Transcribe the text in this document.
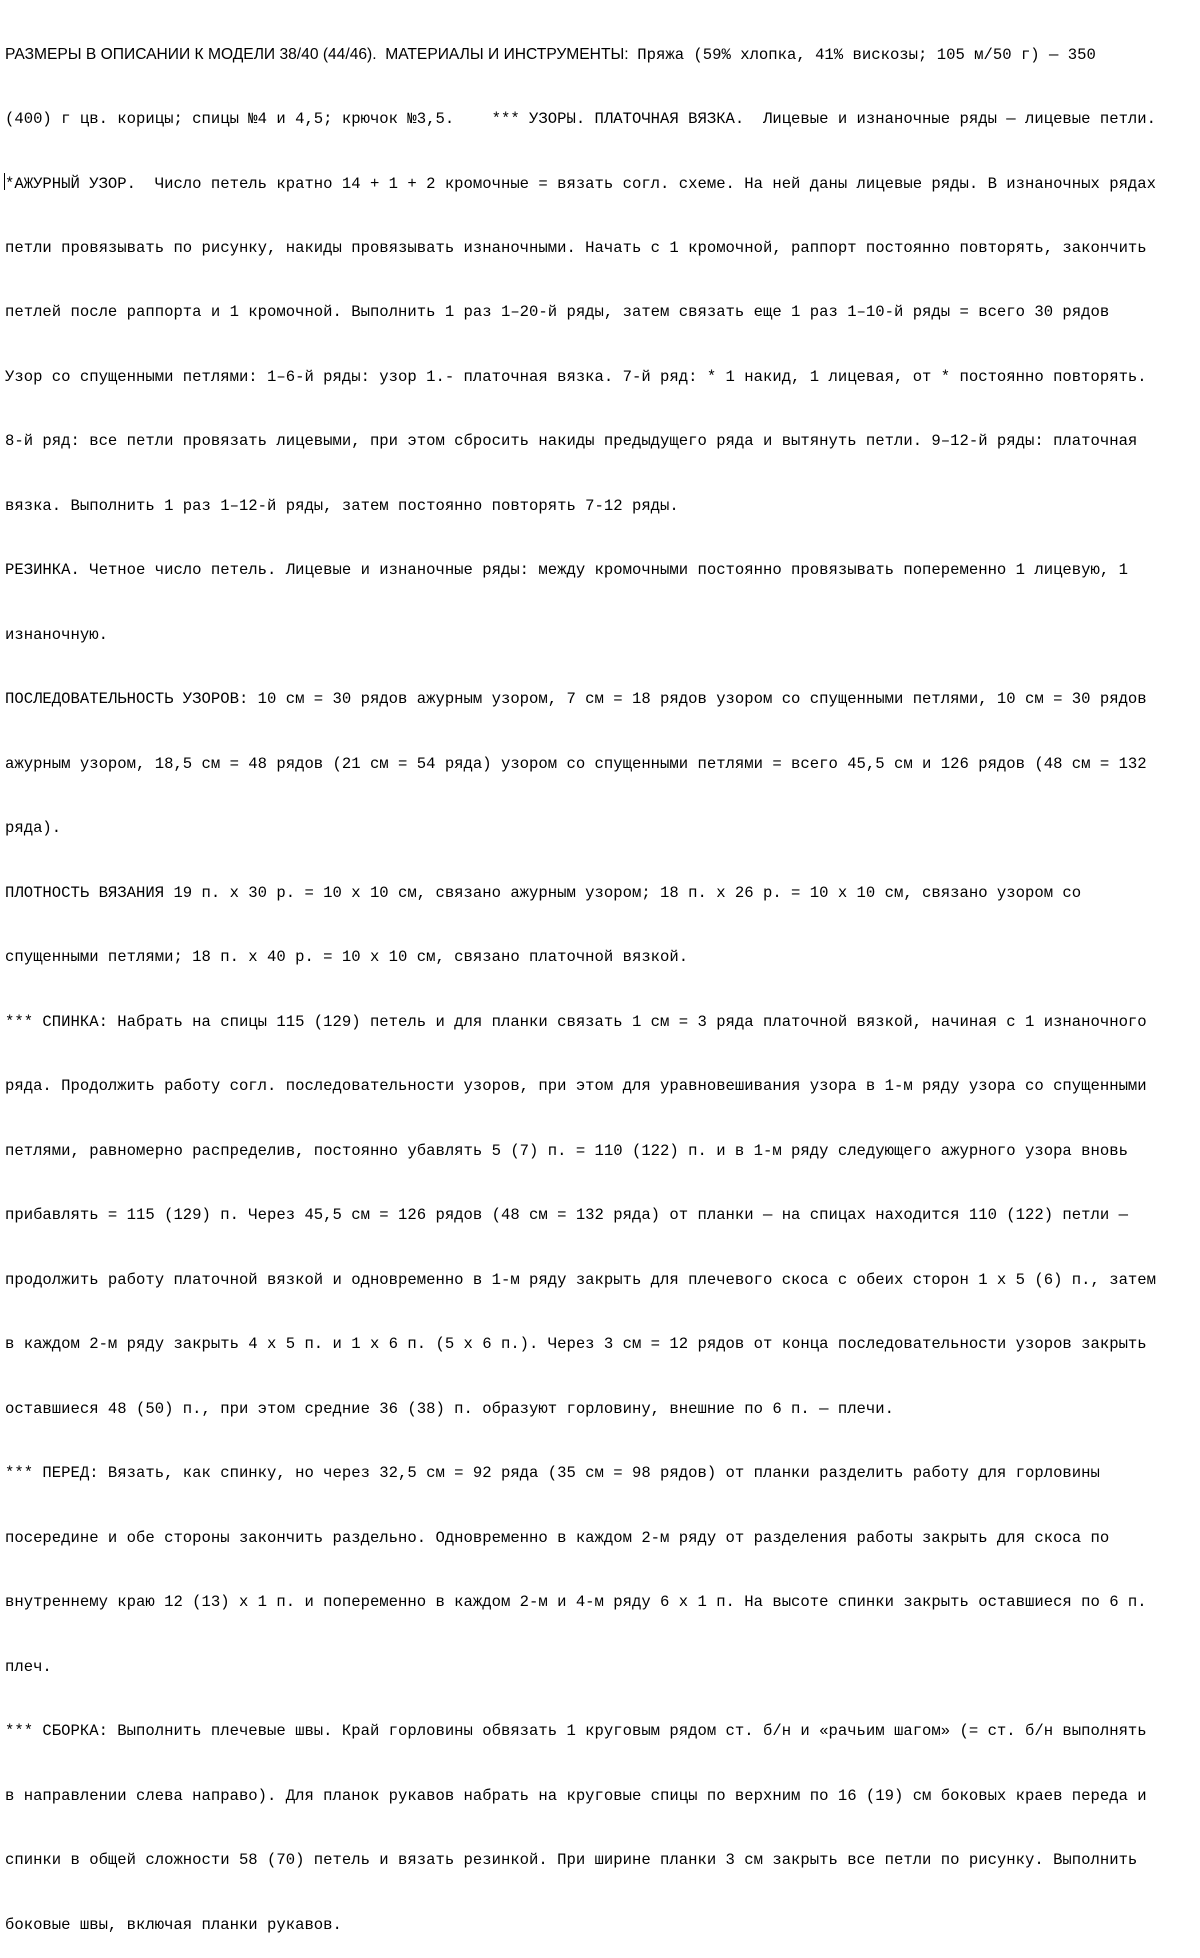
РАЗМЕРЫ В ОПИСАНИИ К МОДЕЛИ 38/40 (44/46).  МАТЕРИАЛЫ И ИНСТРУМЕНТЫ:  Пряжа (59% хлопка, 41% вискозы; 105 м/50 г) — 350

(400) г цв. корицы; спицы №4 и 4,5; крючок №3,5.    *** УЗОРЫ. ПЛАТОЧНАЯ ВЯЗКА.  Лицевые и изнаночные ряды — лицевые петли.

*АЖУРНЫЙ УЗОР.  Число петель кратно 14 + 1 + 2 кромочные = вязать согл. схеме. На ней даны лицевые ряды. В изнаночных рядах

петли провязывать по рисунку, накиды провязывать изнаночными. Начать с 1 кромочной, раппорт постоянно повторять, закончить

петлей после раппорта и 1 кромочной. Выполнить 1 раз 1–20-й ряды, затем связать еще 1 раз 1–10-й ряды = всего 30 рядов

Узор со спущенными петлями: 1–6-й ряды: узор 1.- платочная вязка. 7-й ряд: * 1 накид, 1 лицевая, от * постоянно повторять.

8-й ряд: все петли провязать лицевыми, при этом сбросить накиды предыдущего ряда и вытянуть петли. 9–12-й ряды: платочная

вязка. Выполнить 1 раз 1–12-й ряды, затем постоянно повторять 7-12 ряды.

РЕЗИНКА. Четное число петель. Лицевые и изнаночные ряды: между кромочными постоянно провязывать попеременно 1 лицевую, 1

изнаночную.

ПОСЛЕДОВАТЕЛЬНОСТЬ УЗОРОВ: 10 см = 30 рядов ажурным узором, 7 см = 18 рядов узором со спущенными петлями, 10 см = 30 рядов

ажурным узором, 18,5 см = 48 рядов (21 см = 54 ряда) узором со спущенными петлями = всего 45,5 см и 126 рядов (48 см = 132

ряда).

ПЛОТНОСТЬ ВЯЗАНИЯ 19 п. х 30 р. = 10 х 10 см, связано ажурным узором; 18 п. х 26 р. = 10 х 10 см, связано узором со

спущенными петлями; 18 п. х 40 р. = 10 х 10 см, связано платочной вязкой.

*** СПИНКА: Набрать на спицы 115 (129) петель и для планки связать 1 см = 3 ряда платочной вязкой, начиная с 1 изнаночного

ряда. Продолжить работу согл. последовательности узоров, при этом для уравновешивания узора в 1-м ряду узора со спущенными

петлями, равномерно распределив, постоянно убавлять 5 (7) п. = 110 (122) п. и в 1-м ряду следующего ажурного узора вновь

прибавлять = 115 (129) п. Через 45,5 см = 126 рядов (48 см = 132 ряда) от планки — на спицах находится 110 (122) петли —

продолжить работу платочной вязкой и одновременно в 1-м ряду закрыть для плечевого скоса с обеих сторон 1 х 5 (6) п., затем

в каждом 2-м ряду закрыть 4 х 5 п. и 1 х 6 п. (5 х 6 п.). Через 3 см = 12 рядов от конца последовательности узоров закрыть

оставшиеся 48 (50) п., при этом средние 36 (38) п. образуют горловину, внешние по 6 п. — плечи.

*** ПЕРЕД: Вязать, как спинку, но через 32,5 см = 92 ряда (35 см = 98 рядов) от планки разделить работу для горловины

посередине и обе стороны закончить раздельно. Одновременно в каждом 2-м ряду от разделения работы закрыть для скоса по

внутреннему краю 12 (13) х 1 п. и попеременно в каждом 2-м и 4-м ряду 6 х 1 п. На высоте спинки закрыть оставшиеся по 6 п.

плеч.

*** СБОРКА: Выполнить плечевые швы. Край горловины обвязать 1 круговым рядом ст. б/н и «рачьим шагом» (= ст. б/н выполнять

в направлении слева направо). Для планок рукавов набрать на круговые спицы по верхним по 16 (19) см боковых краев переда и

спинки в общей сложности 58 (70) петель и вязать резинкой. При ширине планки 3 см закрыть все петли по рисунку. Выполнить

боковые швы, включая планки рукавов.
